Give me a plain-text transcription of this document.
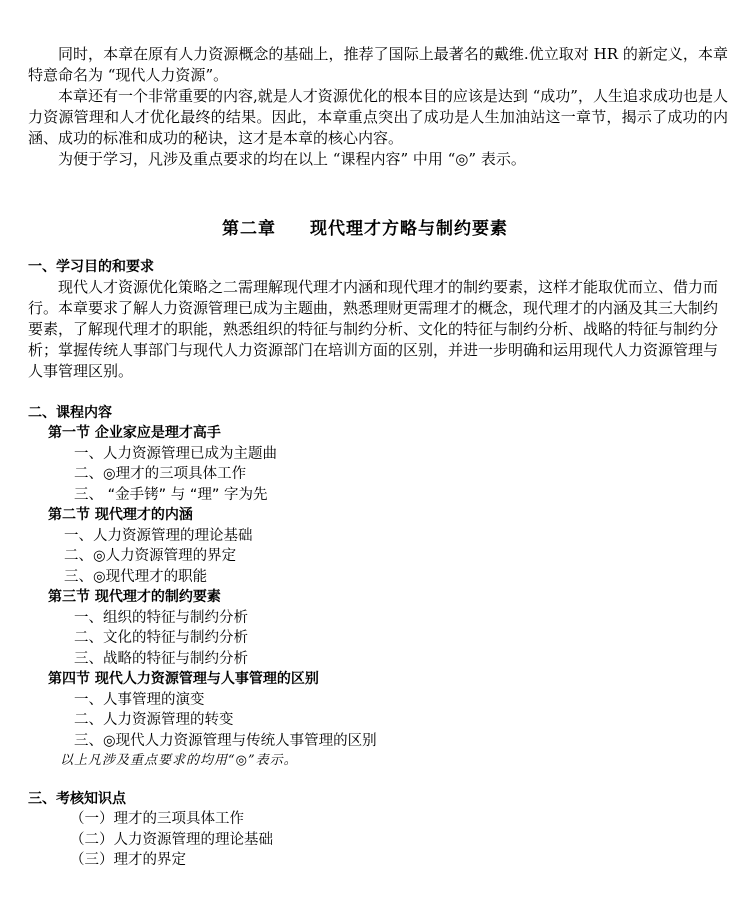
同时，本章在原有人力资源概念的基础上，推荐了国际上最著名的戴维.优立取对 HR 的新定义，本章特意命名为 “现代人力资源”。

本章还有一个非常重要的内容,就是人才资源优化的根本目的应该是达到 “成功”，人生追求成功也是人力资源管理和人才优化最终的结果。因此，本章重点突出了成功是人生加油站这一章节，揭示了成功的内涵、成功的标准和成功的秘诀，这才是本章的核心内容。

为便于学习，凡涉及重点要求的均在以上 “课程内容” 中用 “◎” 表示。

第二章 现代理才方略与制约要素

一、学习目的和要求

现代人才资源优化策略之二需理解现代理才内涵和现代理才的制约要素，这样才能取优而立、借力而行。本章要求了解人力资源管理已成为主题曲，熟悉理财更需理才的概念，现代理才的内涵及其三大制约要素，了解现代理才的职能，熟悉组织的特征与制约分析、文化的特征与制约分析、战略的特征与制约分析；掌握传统人事部门与现代人力资源部门在培训方面的区别，并进一步明确和运用现代人力资源管理与人事管理区别。

二、课程内容

第一节 企业家应是理才高手

一、人力资源管理已成为主题曲

二、◎理才的三项具体工作

三、 “金手铐” 与 “理” 字为先

第二节 现代理才的内涵

一、人力资源管理的理论基础

二、◎人力资源管理的界定

三、◎现代理才的职能

第三节 现代理才的制约要素

一、组织的特征与制约分析

二、文化的特征与制约分析

三、战略的特征与制约分析

第四节 现代人力资源管理与人事管理的区别

一、人事管理的演变

二、人力资源管理的转变

三、◎现代人力资源管理与传统人事管理的区别

以上凡涉及重点要求的均用“◎”表示。

三、考核知识点

（一）理才的三项具体工作

（二）人力资源管理的理论基础

（三）理才的界定
